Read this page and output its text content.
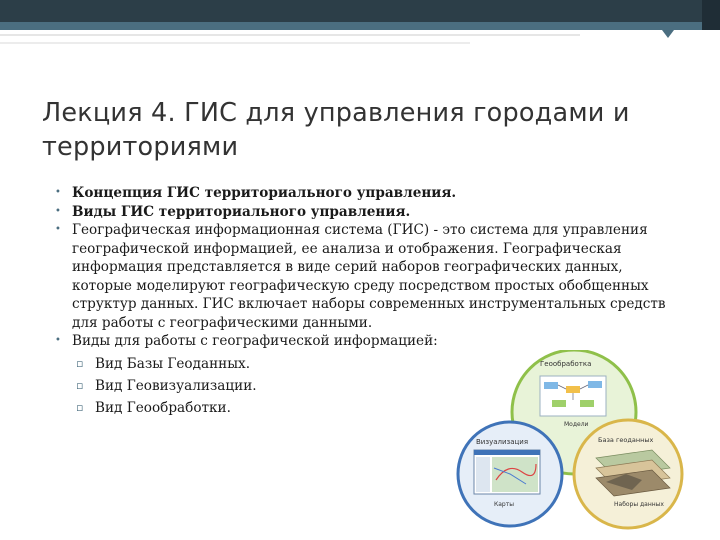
Лекция 4. ГИС для управления городами и территориями
• Концепция ГИС территориального управления.
• Виды ГИС территориального управления.
• Географическая информационная система (ГИС) - это система для управления географической информацией, ее анализа и отображения. Географическая информация представляется в виде серий наборов географических данных, которые моделируют географическую среду посредством простых обобщенных структур данных. ГИС включает наборы современных инструментальных средств для работы с географическими данными.
• Виды для работы с географической информацией:
▫ Вид Базы Геоданных.
▫ Вид Геовизуализации.
▫ Вид Геообработки.
Геообработка
Модели
Визуализация
Карты
База геоданных
Наборы данных
